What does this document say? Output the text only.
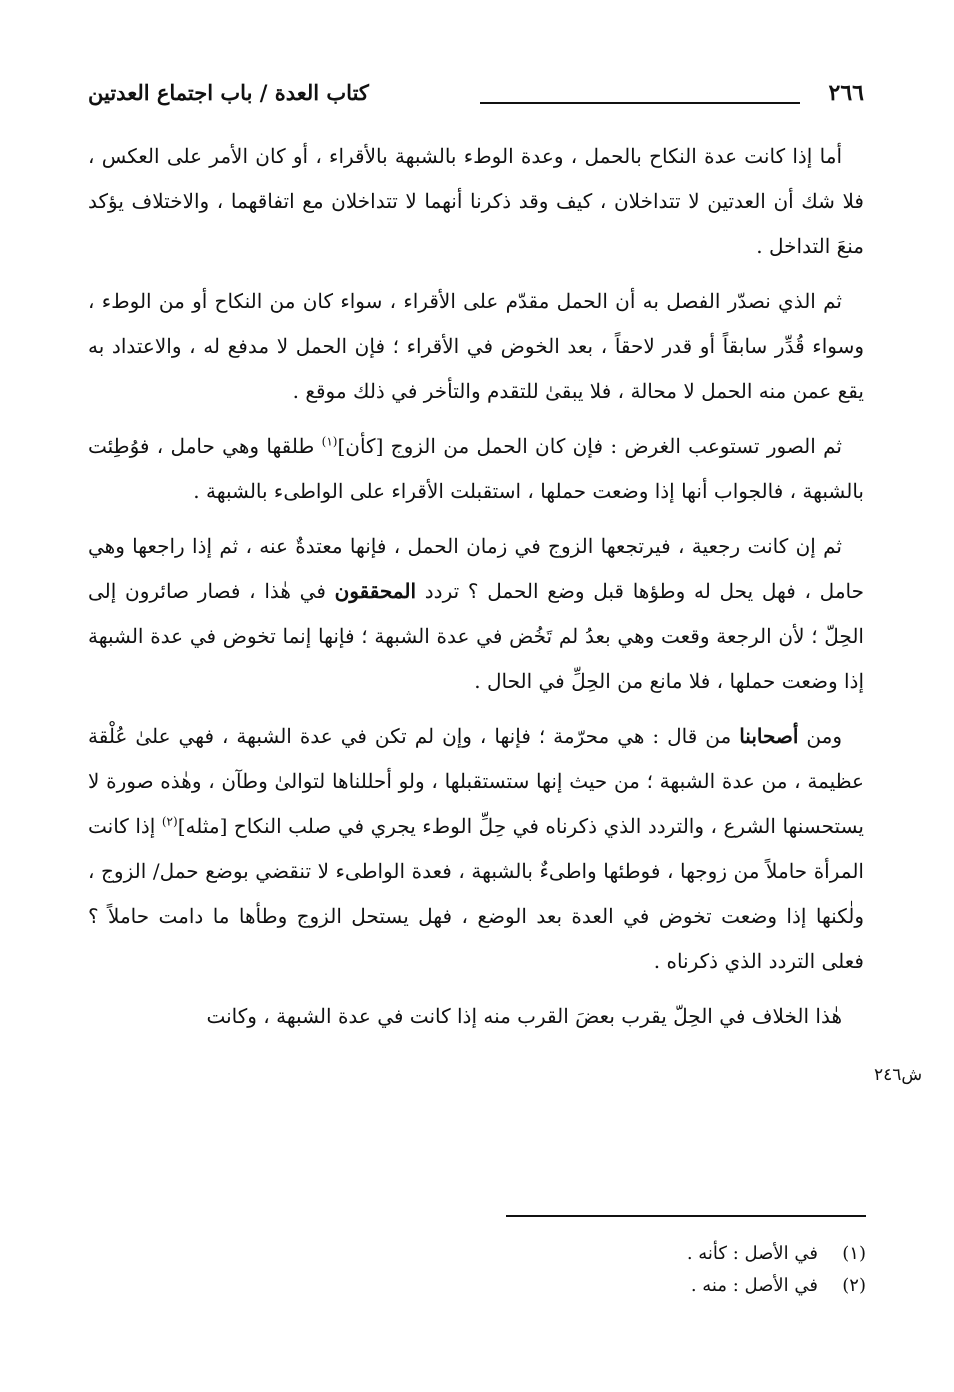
٢٦٦
كتاب العدة / باب اجتماع العدتين

أما إذا كانت عدة النكاح بالحمل ، وعدة الوطء بالشبهة بالأقراء ، أو كان الأمر على العكس ، فلا شك أن العدتين لا تتداخلان ، كيف وقد ذكرنا أنهما لا تتداخلان مع اتفاقهما ، والاختلاف يؤكد منعَ التداخل .

ثم الذي نصدّر الفصل به أن الحمل مقدّم على الأقراء ، سواء كان من النكاح أو من الوطء ، وسواء قُدِّر سابقاً أو قدر لاحقاً ، بعد الخوض في الأقراء ؛ فإن الحمل لا مدفع له ، والاعتداد به يقع عمن منه الحمل لا محالة ، فلا يبقىٰ للتقدم والتأخر في ذلك موقع .

ثم الصور تستوعب الغرض : فإن كان الحمل من الزوج [كأن]$^{(١)}$ طلقها وهي حامل ، فوُطِئت بالشبهة ، فالجواب أنها إذا وضعت حملها ، استقبلت الأقراء على الواطىء بالشبهة .

ثم إن كانت رجعية ، فيرتجعها الزوج في زمان الحمل ، فإنها معتدةٌ عنه ، ثم إذا راجعها وهي حامل ، فهل يحل له وطؤها قبل وضع الحمل ؟ تردد المحققون في هٰذا ، فصار صائرون إلى الحِلّ ؛ لأن الرجعة وقعت وهي بعدُ لم تَخُض في عدة الشبهة ؛ فإنها إنما تخوض في عدة الشبهة إذا وضعت حملها ، فلا مانع من الحِلِّ في الحال .

ومن أصحابنا من قال : هي محرّمة ؛ فإنها ، وإن لم تكن في عدة الشبهة ، فهي علىٰ عُلْقة عظيمة ، من عدة الشبهة ؛ من حيث إنها ستستقبلها ، ولو أحللناها لتوالىٰ وطآن ، وهٰذه صورة لا يستحسنها الشرع ، والتردد الذي ذكرناه في حِلِّ الوطء يجري في صلب النكاح [مثله]$^{(٢)}$ إذا كانت المرأة حاملاً من زوجها ، فوطئها واطىءٌ بالشبهة ، فعدة الواطىء لا تنقضي بوضع حمل/ الزوج ، ولٰكنها إذا وضعت تخوض في العدة بعد الوضع ، فهل يستحل الزوج وطأها ما دامت حاملاً ؟ فعلى التردد الذي ذكرناه .

هٰذا الخلاف في الحِلّ يقرب بعضَ القرب منه إذا كانت في عدة الشبهة ، وكانت

ش٢٤٦
(١)
في الأصل : كأنه .
(٢)
في الأصل : منه .
